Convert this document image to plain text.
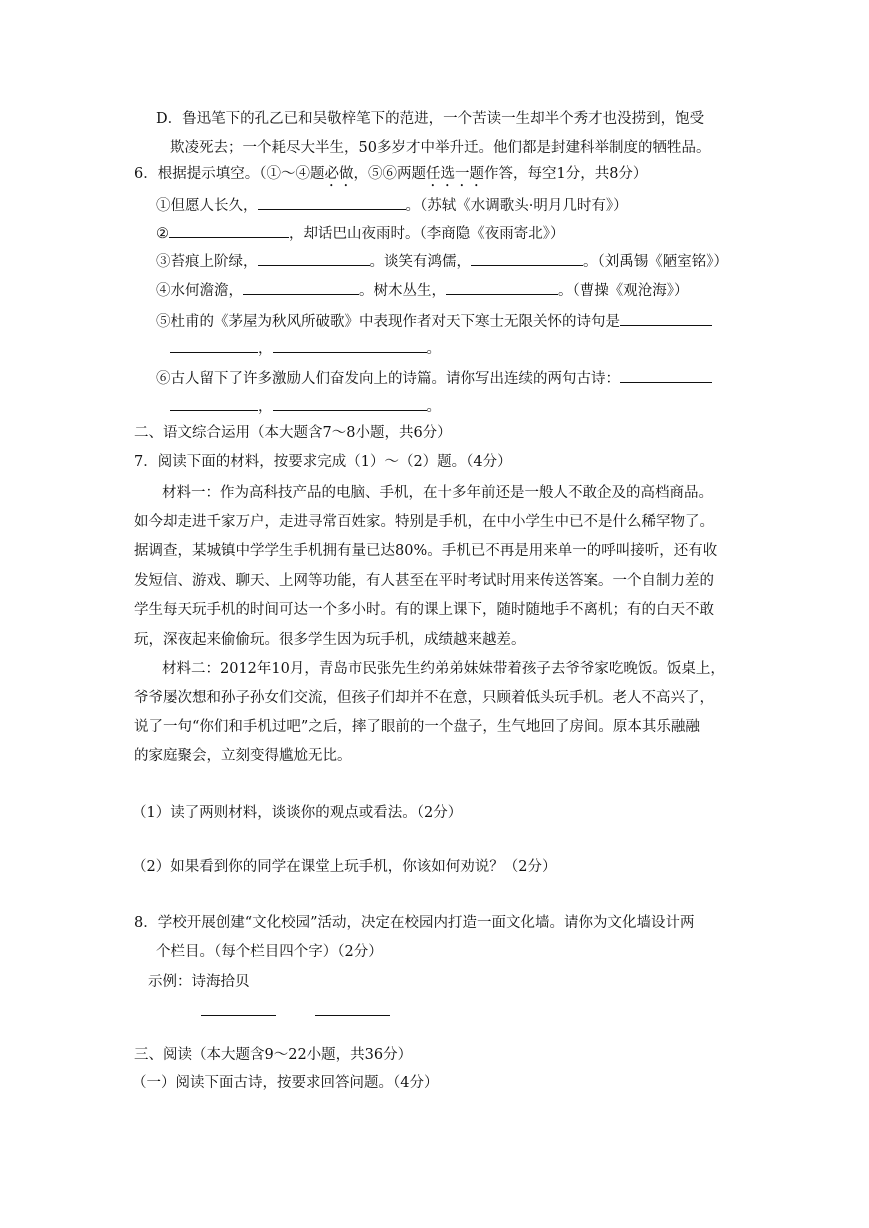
D．鲁迅笔下的孔乙已和吴敬梓笔下的范进，一个苦读一生却半个秀才也没捞到，饱受
欺凌死去；一个耗尽大半生，50多岁才中举升迁。他们都是封建科举制度的牺牲品。
6．根据提示填空。（①～④题必做，⑤⑥两题任选一题作答，每空1分，共8分）
①但愿人长久，	。（苏轼《水调歌头·明月几时有》）
②	，却话巴山夜雨时。（李商隐《夜雨寄北》）
③苔痕上阶绿，	。谈笑有鸿儒，	。（刘禹锡《陋室铭》）
④水何澹澹，	。树木丛生，	。（曹操《观沧海》）
⑤杜甫的《茅屋为秋风所破歌》中表现作者对天下寒士无限关怀的诗句是
，	。
⑥古人留下了许多激励人们奋发向上的诗篇。请你写出连续的两句古诗：
，	。
二、语文综合运用（本大题含7～8小题，共6分）
7．阅读下面的材料，按要求完成（1）～（2）题。（4分）
材料一：作为高科技产品的电脑、手机，在十多年前还是一般人不敢企及的高档商品。
如今却走进千家万户，走进寻常百姓家。特别是手机，在中小学生中已不是什么稀罕物了。
据调查，某城镇中学学生手机拥有量已达80%。手机已不再是用来单一的呼叫接听，还有收
发短信、游戏、聊天、上网等功能，有人甚至在平时考试时用来传送答案。一个自制力差的
学生每天玩手机的时间可达一个多小时。有的课上课下，随时随地手不离机；有的白天不敢
玩，深夜起来偷偷玩。很多学生因为玩手机，成绩越来越差。
材料二：2012年10月，青岛市民张先生约弟弟妹妹带着孩子去爷爷家吃晚饭。饭桌上，
爷爷屡次想和孙子孙女们交流，但孩子们却并不在意，只顾着低头玩手机。老人不高兴了，
说了一句“你们和手机过吧”之后，摔了眼前的一个盘子，生气地回了房间。原本其乐融融
的家庭聚会，立刻变得尴尬无比。
（1）读了两则材料，谈谈你的观点或看法。（2分）
（2）如果看到你的同学在课堂上玩手机，你该如何劝说？（2分）
8．学校开展创建“文化校园”活动，决定在校园内打造一面文化墙。请你为文化墙设计两
个栏目。（每个栏目四个字）（2分）
示例：诗海拾贝
三、阅读（本大题含9～22小题，共36分）
（一）阅读下面古诗，按要求回答问题。（4分）
